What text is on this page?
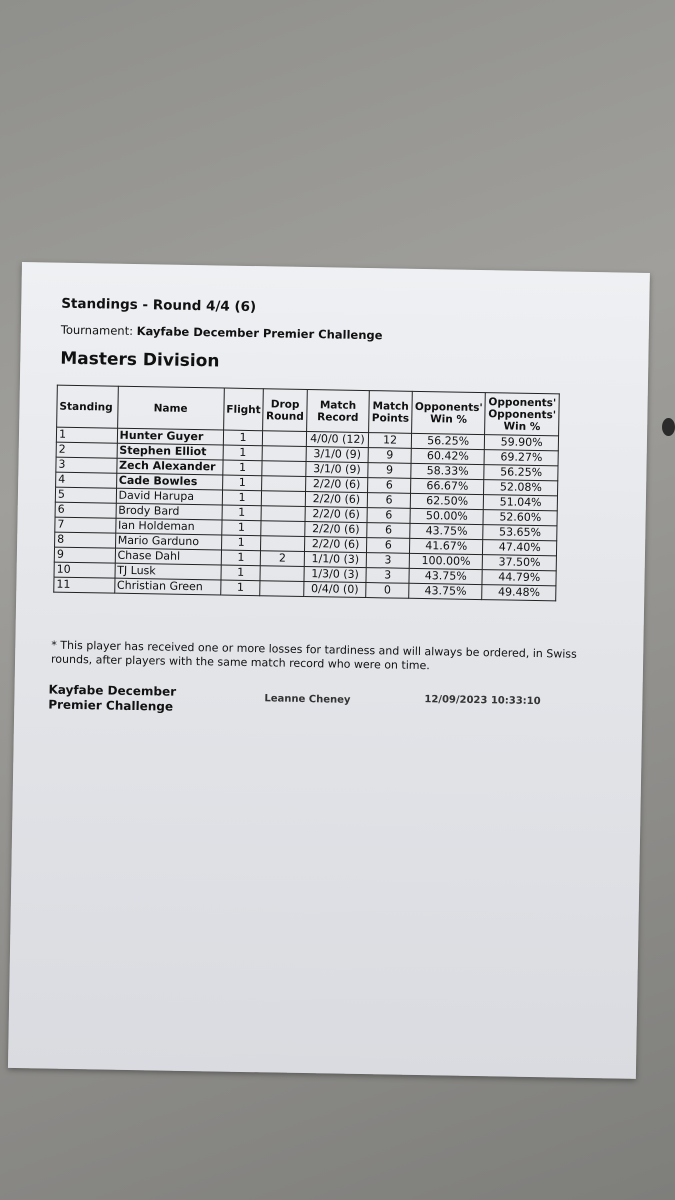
Standings - Round 4/4 (6)
Tournament: Kayfabe December Premier Challenge
Masters Division
Standing	Name	Flight	Drop Round	Match Record	Match Points	Opponents' Win %	Opponents' Opponents' Win %
1	Hunter Guyer	1		4/0/0 (12)	12	56.25%	59.90%
2	Stephen Elliot	1		3/1/0 (9)	9	60.42%	69.27%
3	Zech Alexander	1		3/1/0 (9)	9	58.33%	56.25%
4	Cade Bowles	1		2/2/0 (6)	6	66.67%	52.08%
5	David Harupa	1		2/2/0 (6)	6	62.50%	51.04%
6	Brody Bard	1		2/2/0 (6)	6	50.00%	52.60%
7	Ian Holdeman	1		2/2/0 (6)	6	43.75%	53.65%
8	Mario Garduno	1		2/2/0 (6)	6	41.67%	47.40%
9	Chase Dahl	1	2	1/1/0 (3)	3	100.00%	37.50%
10	TJ Lusk	1		1/3/0 (3)	3	43.75%	44.79%
11	Christian Green	1		0/4/0 (0)	0	43.75%	49.48%
* This player has received one or more losses for tardiness and will always be ordered, in Swiss rounds, after players with the same match record who were on time.
Kayfabe December
Premier Challenge	Leanne Cheney	12/09/2023 10:33:10
